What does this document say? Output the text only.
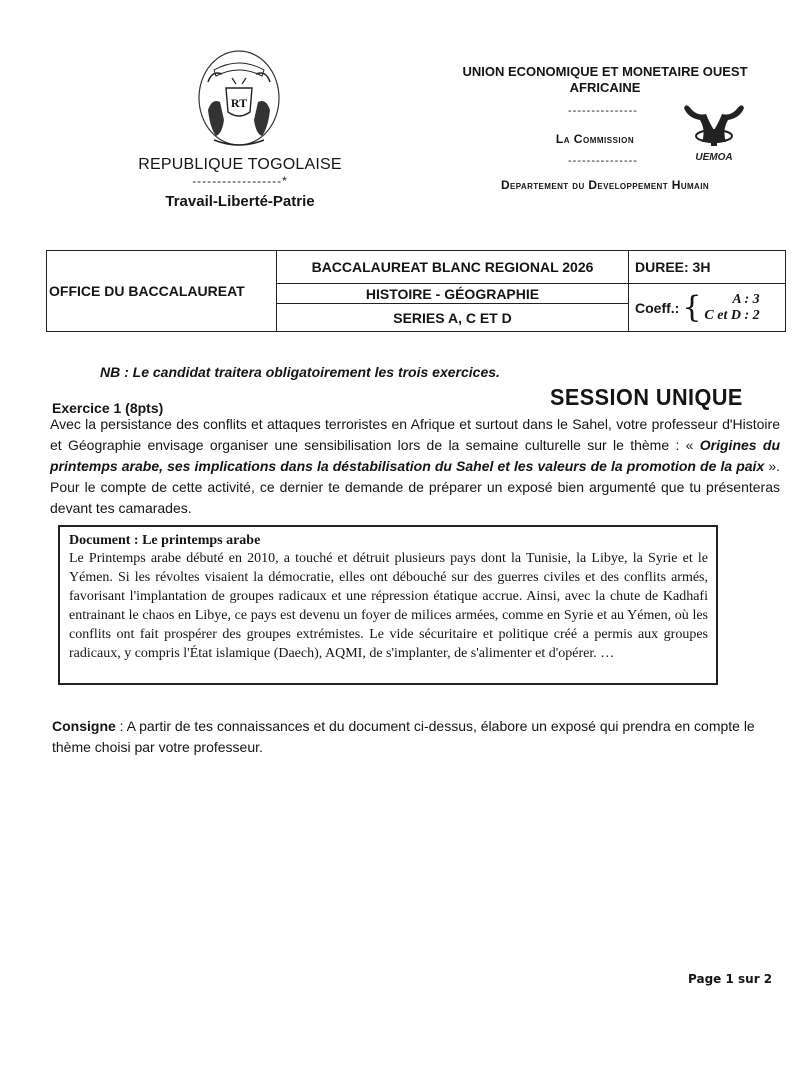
RT
REPUBLIQUE TOGOLAISE
------------------*
Travail-Liberté-Patrie
UNION ECONOMIQUE ET MONETAIRE OUEST AFRICAINE
---------------
La Commission
---------------	UEMOA
Departement du Developpement Humain
OFFICE DU BACCALAUREAT
BACCALAUREAT BLANC REGIONAL 2026
HISTOIRE - GÉOGRAPHIE
SERIES A, C ET D
DUREE: 3H
Coeff.: {	A : 3
C et D : 2
NB : Le candidat traitera obligatoirement les trois exercices.
SESSION UNIQUE
Exercice 1 (8pts)
Avec la persistance des conflits et attaques terroristes en Afrique et surtout dans le Sahel, votre professeur d'Histoire et Géographie envisage organiser une sensibilisation lors de la semaine culturelle sur le thème : « Origines du printemps arabe, ses implications dans la déstabilisation du Sahel et les valeurs de la promotion de la paix ». Pour le compte de cette activité, ce dernier te demande de préparer un exposé bien argumenté que tu présenteras devant tes camarades.
Document : Le printemps arabe
Le Printemps arabe débuté en 2010, a touché et détruit plusieurs pays dont la Tunisie, la Libye, la Syrie et le Yémen. Si les révoltes visaient la démocratie, elles ont débouché sur des guerres civiles et des conflits armés, favorisant l'implantation de groupes radicaux et une répression étatique accrue. Ainsi, avec la chute de Kadhafi entrainant le chaos en Libye, ce pays est devenu un foyer de milices armées, comme en Syrie et au Yémen, où les conflits ont fait prospérer des groupes extrémistes. Le vide sécuritaire et politique créé a permis aux groupes radicaux, y compris l'État islamique (Daech), AQMI, de s'implanter, de s'alimenter et d'opérer. …
Consigne : A partir de tes connaissances et du document ci-dessus, élabore un exposé qui prendra en compte le thème choisi par votre professeur.
Page 1 sur 2
